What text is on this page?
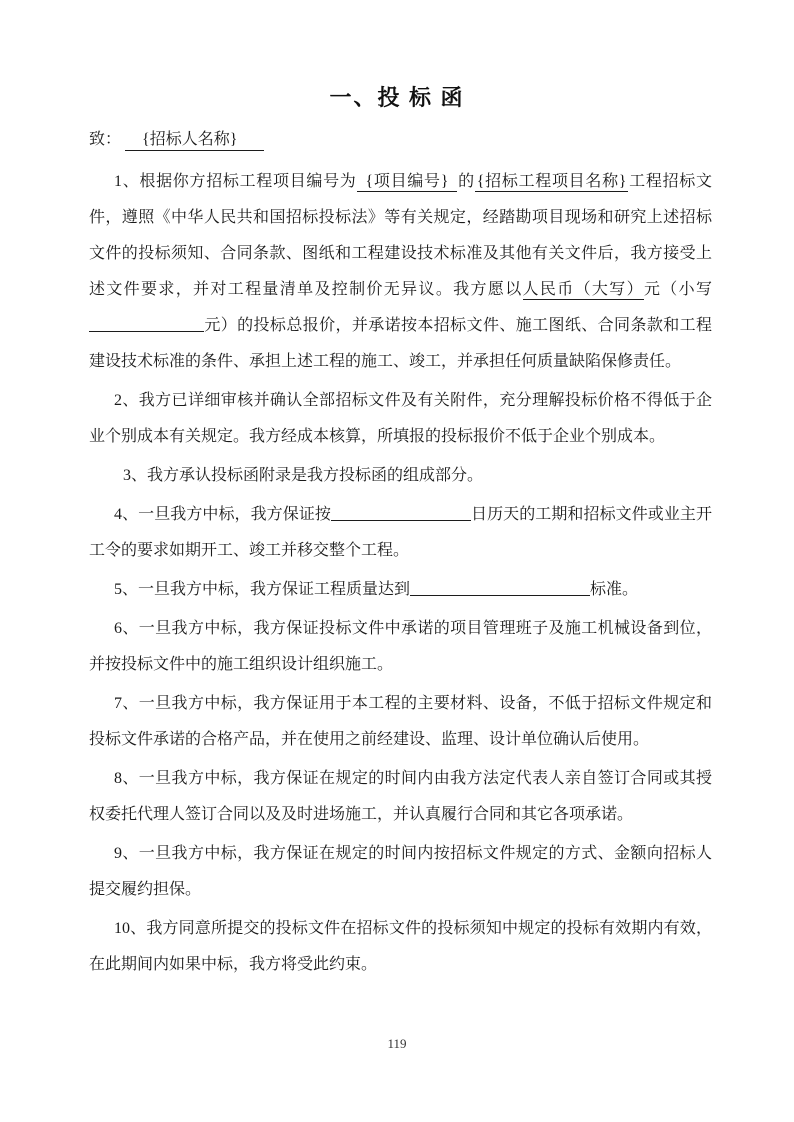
一、投 标 函
致： {招标人名称}

1、根据你方招标工程项目编号为 {项目编号} 的 {招标工程项目名称} 工程招标文件，遵照《中华人民共和国招标投标法》等有关规定，经踏勘项目现场和研究上述招标文件的投标须知、合同条款、图纸和工程建设技术标准及其他有关文件后，我方接受上述文件要求，并对工程量清单及控制价无异议。我方愿以人民币（大写）元（小写元）的投标总报价，并承诺按本招标文件、施工图纸、合同条款和工程建设技术标准的条件、承担上述工程的施工、竣工，并承担任何质量缺陷保修责任。

2、我方已详细审核并确认全部招标文件及有关附件，充分理解投标价格不得低于企业个别成本有关规定。我方经成本核算，所填报的投标报价不低于企业个别成本。

3、我方承认投标函附录是我方投标函的组成部分。

4、一旦我方中标，我方保证按	日历天的工期和招标文件或业主开工令的要求如期开工、竣工并移交整个工程。

5、一旦我方中标，我方保证工程质量达到	标准。

6、一旦我方中标，我方保证投标文件中承诺的项目管理班子及施工机械设备到位，并按投标文件中的施工组织设计组织施工。

7、一旦我方中标，我方保证用于本工程的主要材料、设备，不低于招标文件规定和投标文件承诺的合格产品，并在使用之前经建设、监理、设计单位确认后使用。

8、一旦我方中标，我方保证在规定的时间内由我方法定代表人亲自签订合同或其授权委托代理人签订合同以及及时进场施工，并认真履行合同和其它各项承诺。

9、一旦我方中标，我方保证在规定的时间内按招标文件规定的方式、金额向招标人提交履约担保。

10、我方同意所提交的投标文件在招标文件的投标须知中规定的投标有效期内有效，在此期间内如果中标，我方将受此约束。

119
